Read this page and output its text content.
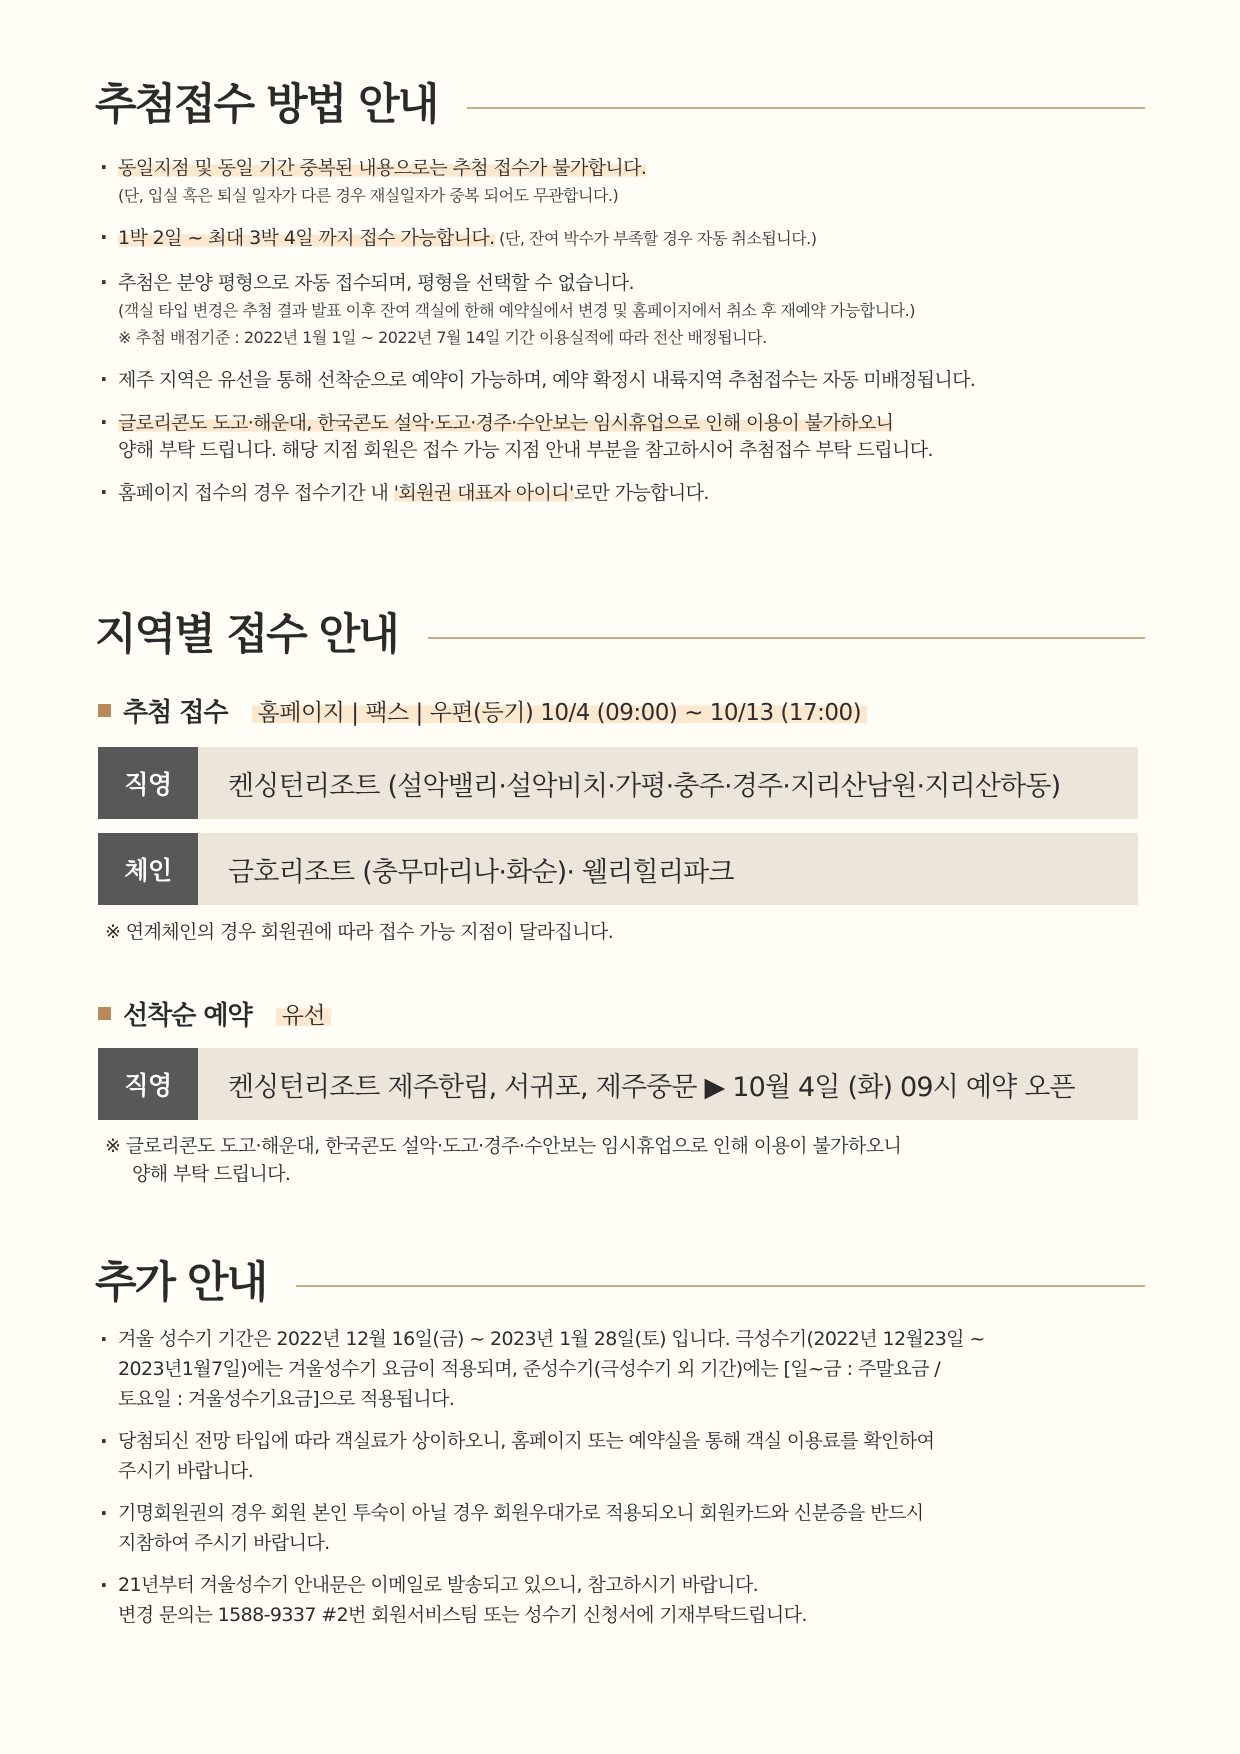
추첨접수 방법 안내
· 동일지점 및 동일 기간 중복된 내용으로는 추첨 접수가 불가합니다.
(단, 입실 혹은 퇴실 일자가 다른 경우 재실일자가 중복 되어도 무관합니다.)
· 1박 2일 ~ 최대 3박 4일 까지 접수 가능합니다. (단, 잔여 박수가 부족할 경우 자동 취소됩니다.)
· 추첨은 분양 평형으로 자동 접수되며, 평형을 선택할 수 없습니다.
(객실 타입 변경은 추첨 결과 발표 이후 잔여 객실에 한해 예약실에서 변경 및 홈페이지에서 취소 후 재예약 가능합니다.)
※ 추첨 배점기준 : 2022년 1월 1일 ~ 2022년 7월 14일 기간 이용실적에 따라 전산 배정됩니다.
· 제주 지역은 유선을 통해 선착순으로 예약이 가능하며, 예약 확정시 내륙지역 추첨접수는 자동 미배정됩니다.
· 글로리콘도 도고·해운대, 한국콘도 설악·도고·경주·수안보는 임시휴업으로 인해 이용이 불가하오니
양해 부탁 드립니다. 해당 지점 회원은 접수 가능 지점 안내 부분을 참고하시어 추첨접수 부탁 드립니다.
· 홈페이지 접수의 경우 접수기간 내 '회원권 대표자 아이디'로만 가능합니다.
지역별 접수 안내
추첨 접수 홈페이지 | 팩스 | 우편(등기) 10/4 (09:00) ~ 10/13 (17:00)
직영	켄싱턴리조트 (설악밸리·설악비치·가평·충주·경주·지리산남원·지리산하동)
체인	금호리조트 (충무마리나·화순)· 웰리힐리파크
※ 연계체인의 경우 회원권에 따라 접수 가능 지점이 달라집니다.
선착순 예약 유선
직영	켄싱턴리조트 제주한림, 서귀포, 제주중문 ▶ 10월 4일 (화) 09시 예약 오픈
※ 글로리콘도 도고·해운대, 한국콘도 설악·도고·경주·수안보는 임시휴업으로 인해 이용이 불가하오니
양해 부탁 드립니다.
추가 안내
· 겨울 성수기 기간은 2022년 12월 16일(금) ~ 2023년 1월 28일(토) 입니다. 극성수기(2022년 12월23일 ~
2023년1월7일)에는 겨울성수기 요금이 적용되며, 준성수기(극성수기 외 기간)에는 [일~금 : 주말요금 /
토요일 : 겨울성수기요금]으로 적용됩니다.
· 당첨되신 전망 타입에 따라 객실료가 상이하오니, 홈페이지 또는 예약실을 통해 객실 이용료를 확인하여
주시기 바랍니다.
· 기명회원권의 경우 회원 본인 투숙이 아닐 경우 회원우대가로 적용되오니 회원카드와 신분증을 반드시
지참하여 주시기 바랍니다.
· 21년부터 겨울성수기 안내문은 이메일로 발송되고 있으니, 참고하시기 바랍니다.
변경 문의는 1588-9337 #2번 회원서비스팀 또는 성수기 신청서에 기재부탁드립니다.
